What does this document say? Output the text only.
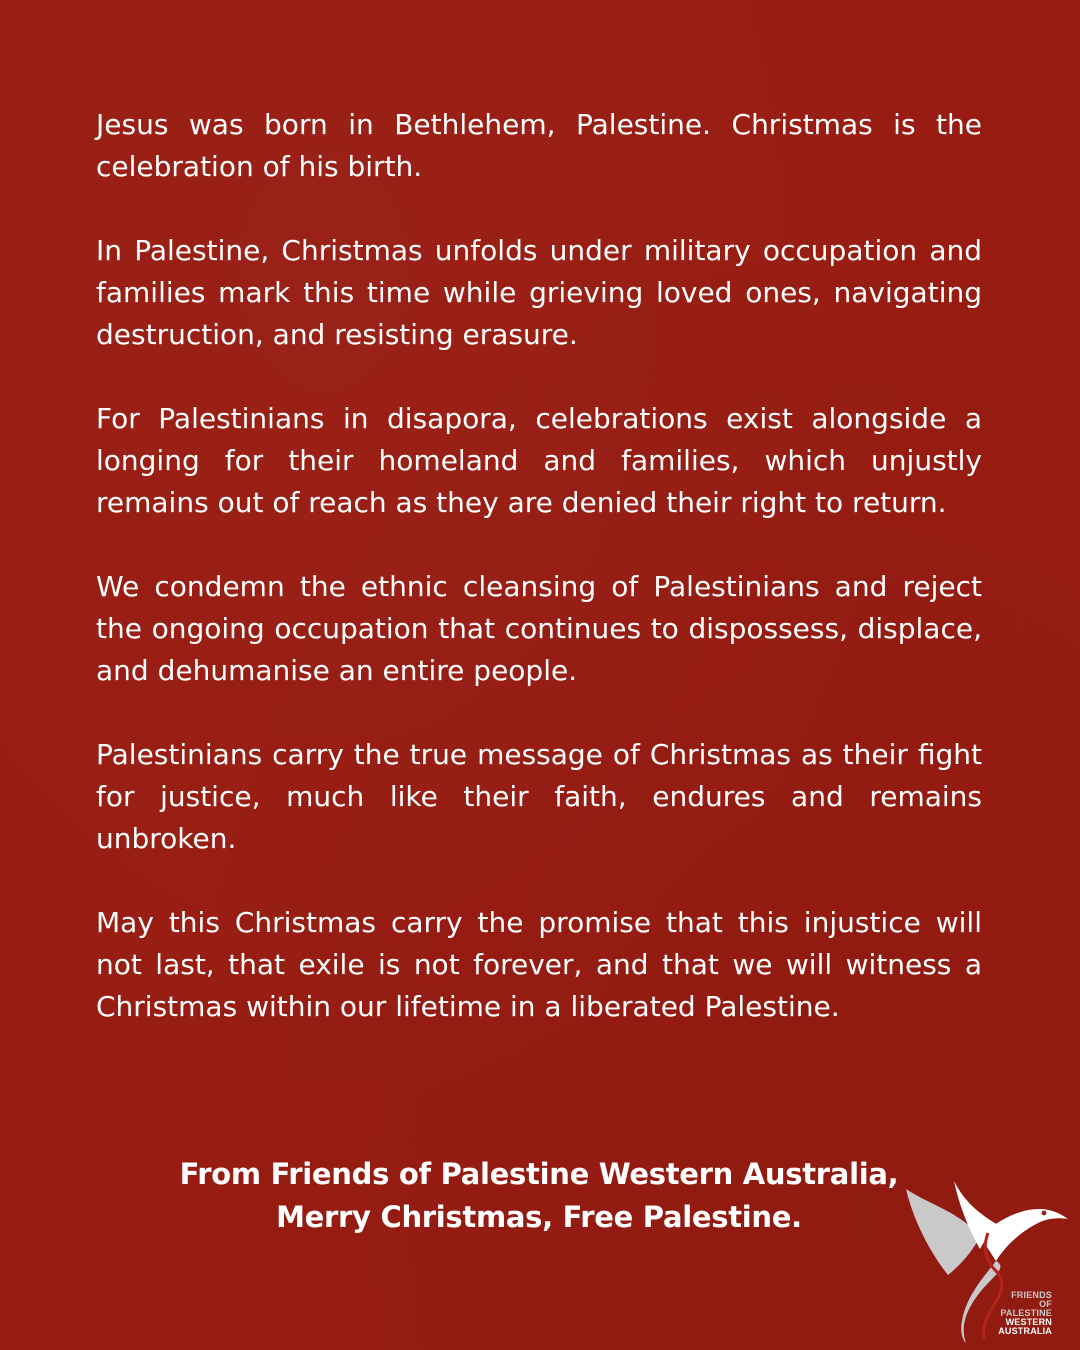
Jesus was born in Bethlehem, Palestine. Christmas is the celebration of his birth.

In Palestine, Christmas unfolds under military occupation and families mark this time while grieving loved ones, navigating destruction, and resisting erasure.

For Palestinians in disapora, celebrations exist alongside a longing for their homeland and families, which unjustly remains out of reach as they are denied their right to return.

We condemn the ethnic cleansing of Palestinians and reject the ongoing occupation that continues to dispossess, displace, and dehumanise an entire people.

Palestinians carry the true message of Christmas as their fight for justice, much like their faith, endures and remains unbroken.

May this Christmas carry the promise that this injustice will not last, that exile is not forever, and that we will witness a Christmas within our lifetime in a liberated Palestine.

From Friends of Palestine Western Australia,
Merry Christmas, Free Palestine.
FRIENDS OF
PALESTINE
WESTERN
AUSTRALIA
